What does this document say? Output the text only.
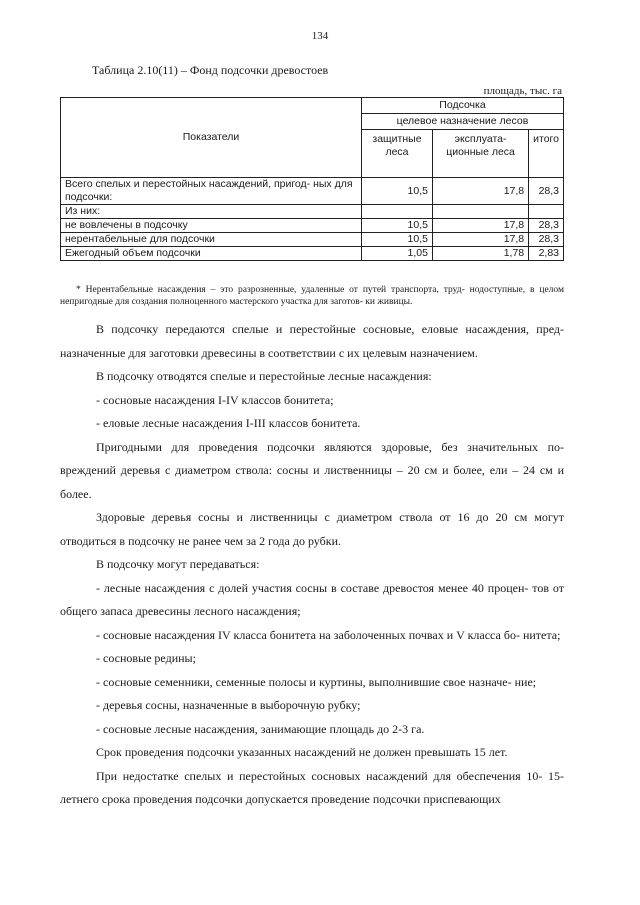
134
Таблица 2.10(11) – Фонд подсочки древостоев
площадь, тыс. га
Показатели	Подсочка		
	целевое назначение лесов		
	защитные леса	эксплуата- ционные леса	итого
Всего спелых и перестойных насаждений, пригод- ных для подсочки:	10,5	17,8	28,3
Из них:			
не вовлечены в подсочку	10,5	17,8	28,3
нерентабельные для подсочки	10,5	17,8	28,3
Ежегодный объем подсочки	1,05	1,78	2,83
* Нерентабельные насаждения – это разрозненные, удаленные от путей транспорта, труд- нодоступные, в целом непригодные для создания полноценного мастерского участка для заготов- ки живицы.

В подсочку передаются спелые и перестойные сосновые, еловые насаждения, пред- назначенные для заготовки древесины в соответствии с их целевым назначением.

В подсочку отводятся спелые и перестойные лесные насаждения:

- сосновые насаждения I-IV классов бонитета;

- еловые лесные насаждения I-III классов бонитета.

Пригодными для проведения подсочки являются здоровые, без значительных по- вреждений деревья с диаметром ствола: сосны и лиственницы – 20 см и более, ели – 24 см и более.

Здоровые деревья сосны и лиственницы с диаметром ствола от 16 до 20 см могут отводиться в подсочку не ранее чем за 2 года до рубки.

В подсочку могут передаваться:

- лесные насаждения с долей участия сосны в составе древостоя менее 40 процен- тов от общего запаса древесины лесного насаждения;

- сосновые насаждения IV класса бонитета на заболоченных почвах и V класса бо- нитета;

- сосновые редины;

- сосновые семенники, семенные полосы и куртины, выполнившие свое назначе- ние;

- деревья сосны, назначенные в выборочную рубку;

- сосновые лесные насаждения, занимающие площадь до 2-3 га.

Срок проведения подсочки указанных насаждений не должен превышать 15 лет.

При недостатке спелых и перестойных сосновых насаждений для обеспечения 10- 15-летнего срока проведения подсочки допускается проведение подсочки приспевающих
